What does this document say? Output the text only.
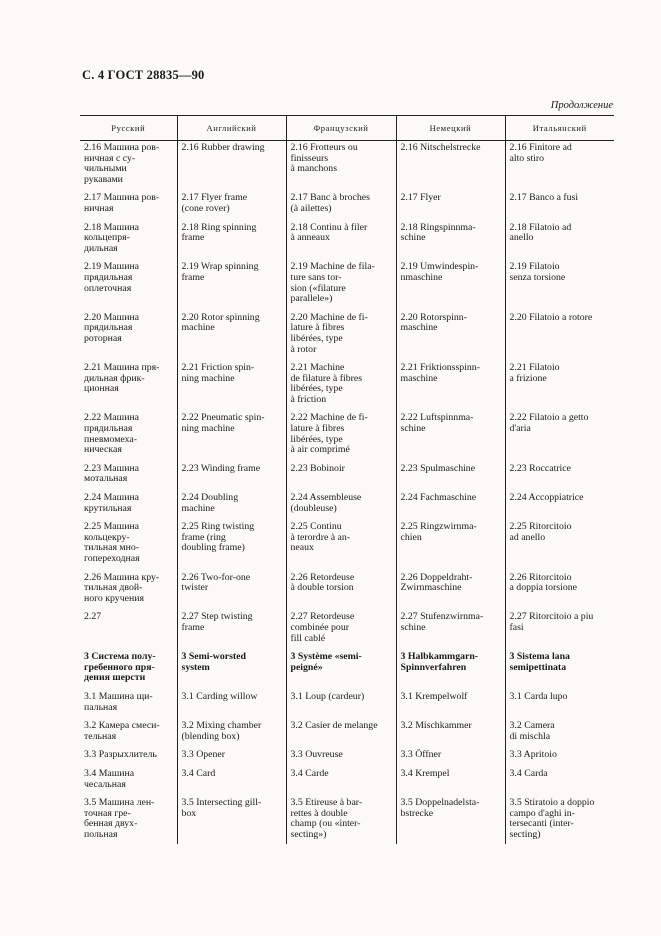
С. 4 ГОСТ 28835—90
Продолжение
Русский	Английский	Французский	Немецкий	Итальянский
2.16 Машина ров-
ничная с су-
чильными
рукавами	2.16 Rubber drawing	2.16 Frotteurs ou
finisseurs
à manchons	2.16 Nitschelstrecke	2.16 Finitore ad
alto stiro
2.17 Машина ров-
ничная	2.17 Flyer frame
(cone rover)	2.17 Banc à broches
(à ailettes)	2.17 Flyer	2.17 Banco a fusi
2.18 Машина
кольцепря-
дильная	2.18 Ring spinning
frame	2.18 Continu à filer
à anneaux	2.18 Ringspinnma-
schine	2.18 Filatoio ad
anello
2.19 Машина
прядильная
оплеточная	2.19 Wrap spinning
frame	2.19 Machine de fila-
ture sans tor-
sion («filature
parallele»)	2.19 Umwindespin-
nmaschine	2.19 Filatoio
senza torsione
2.20 Машина
прядильная
роторная	2.20 Rotor spinning
machine	2.20 Machine de fi-
lature à fibres
libérées, type
à rotor	2.20 Rotorspinn-
maschine	2.20 Filatoio a rotore
2.21 Машина пря-
дильная фрик-
ционная	2.21 Friction spin-
ning machine	2.21 Machine
de filature à fibres
libérées, type
à friction	2.21 Friktionsspinn-
maschine	2.21 Filatoio
a frizione
2.22 Машина
прядильная
пневмомеха-
ническая	2.22 Pneumatic spin-
ning machine	2.22 Machine de fi-
lature à fibres
libérées, type
à air comprimé	2.22 Luftspinnma-
schine	2.22 Filatoio a getto
d'aria
2.23 Машина
мотальная	2.23 Winding frame	2.23 Bobinoir	2.23 Spulmaschine	2.23 Roccatrice
2.24 Машина
крутильная	2.24 Doubling
machine	2.24 Assembleuse
(doubleuse)	2.24 Fachmaschine	2.24 Accoppiatrice
2.25 Машина
кольцекру-
тильная мно-
гопереходная	2.25 Ring twisting
frame (ring
doubling frame)	2.25 Continu
à terordre à an-
neaux	2.25 Ringzwirnma-
chien	2.25 Ritorcitoio
ad anello
2.26 Машина кру-
тильная двой-
ного кручения	2.26 Two-for-one
twister	2.26 Retordeuse
à double torsion	2.26 Doppeldraht-
Zwirnmaschine	2.26 Ritorcitoio
a doppia torsione
2.27	2.27 Step twisting
frame	2.27 Retordeuse
combinée pour
fill cablé	2.27 Stufenzwirnma-
schine	2.27 Ritorcitoio a piu
fasi
3 Система полу-
гребенного пря-
дения шерсти	3 Semi-worsted
system	3 Système «semi-
peigné»	3 Halbkammgarn-
Spinnverfahren	3 Sistema lana
semipettinata
3.1 Машина щи-
пальная	3.1 Carding willow	3.1 Loup (cardeur)	3.1 Krempelwolf	3.1 Carda lupo
3.2 Камера смеси-
тельная	3.2 Mixing chamber
(blending box)	3.2 Casier de melange	3.2 Mischkammer	3.2 Camera
di mischla
3.3 Разрыхлитель	3.3 Opener	3.3 Ouvreuse	3.3 Öffner	3.3 Apritoio
3.4 Машина
чесальная	3.4 Card	3.4 Carde	3.4 Krempel	3.4 Carda
3.5 Машина лен-
точная гре-
бенная двух-
польная	3.5 Intersecting gill-
box	3.5 Etireuse à bar-
rettes à double
champ (ou «inter-
secting»)	3.5 Doppelnadelsta-
bstrecke	3.5 Stiratoio a doppio
campo d'aghi in-
tersecanti (inter-
secting)
